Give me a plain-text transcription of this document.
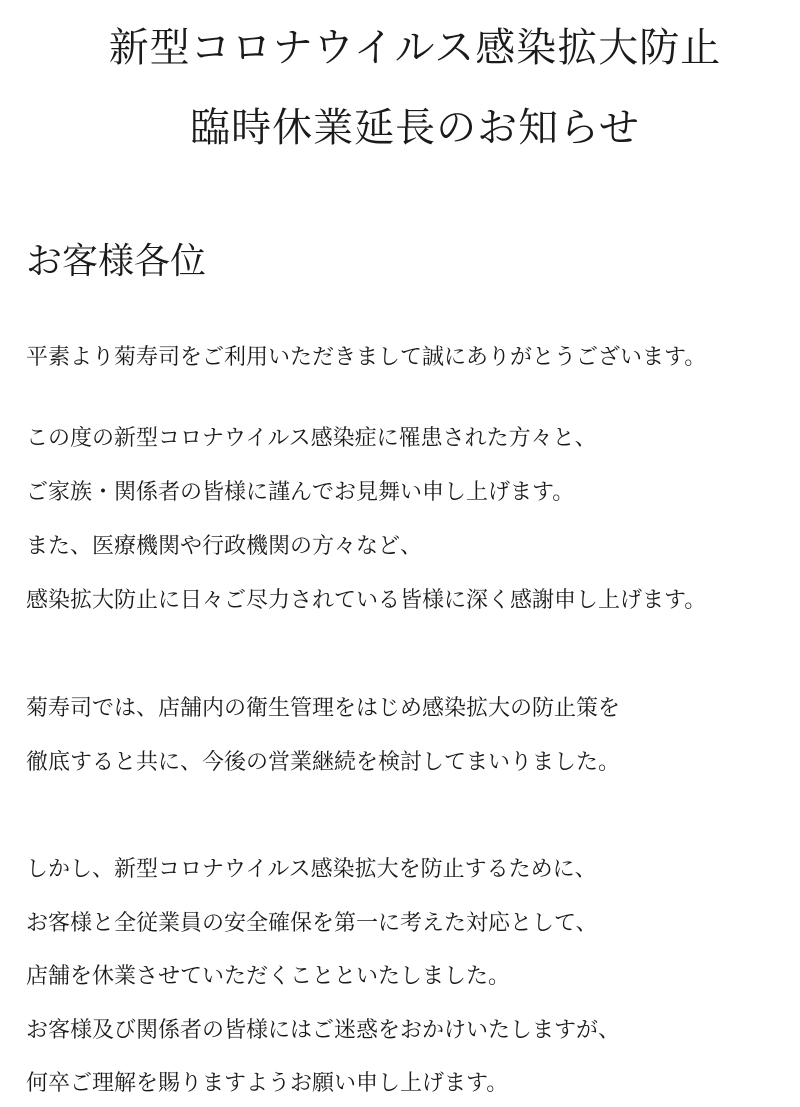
新型コロナウイルス感染拡大防止
臨時休業延長のお知らせ
お客様各位
平素より菊寿司をご利用いただきまして誠にありがとうございます。
この度の新型コロナウイルス感染症に罹患された方々と、
ご家族・関係者の皆様に謹んでお見舞い申し上げます。
また、医療機関や行政機関の方々など、
感染拡大防止に日々ご尽力されている皆様に深く感謝申し上げます。
菊寿司では、店舗内の衛生管理をはじめ感染拡大の防止策を
徹底すると共に、今後の営業継続を検討してまいりました。
しかし、新型コロナウイルス感染拡大を防止するために、
お客様と全従業員の安全確保を第一に考えた対応として、
店舗を休業させていただくことといたしました。
お客様及び関係者の皆様にはご迷惑をおかけいたしますが、
何卒ご理解を賜りますようお願い申し上げます。
